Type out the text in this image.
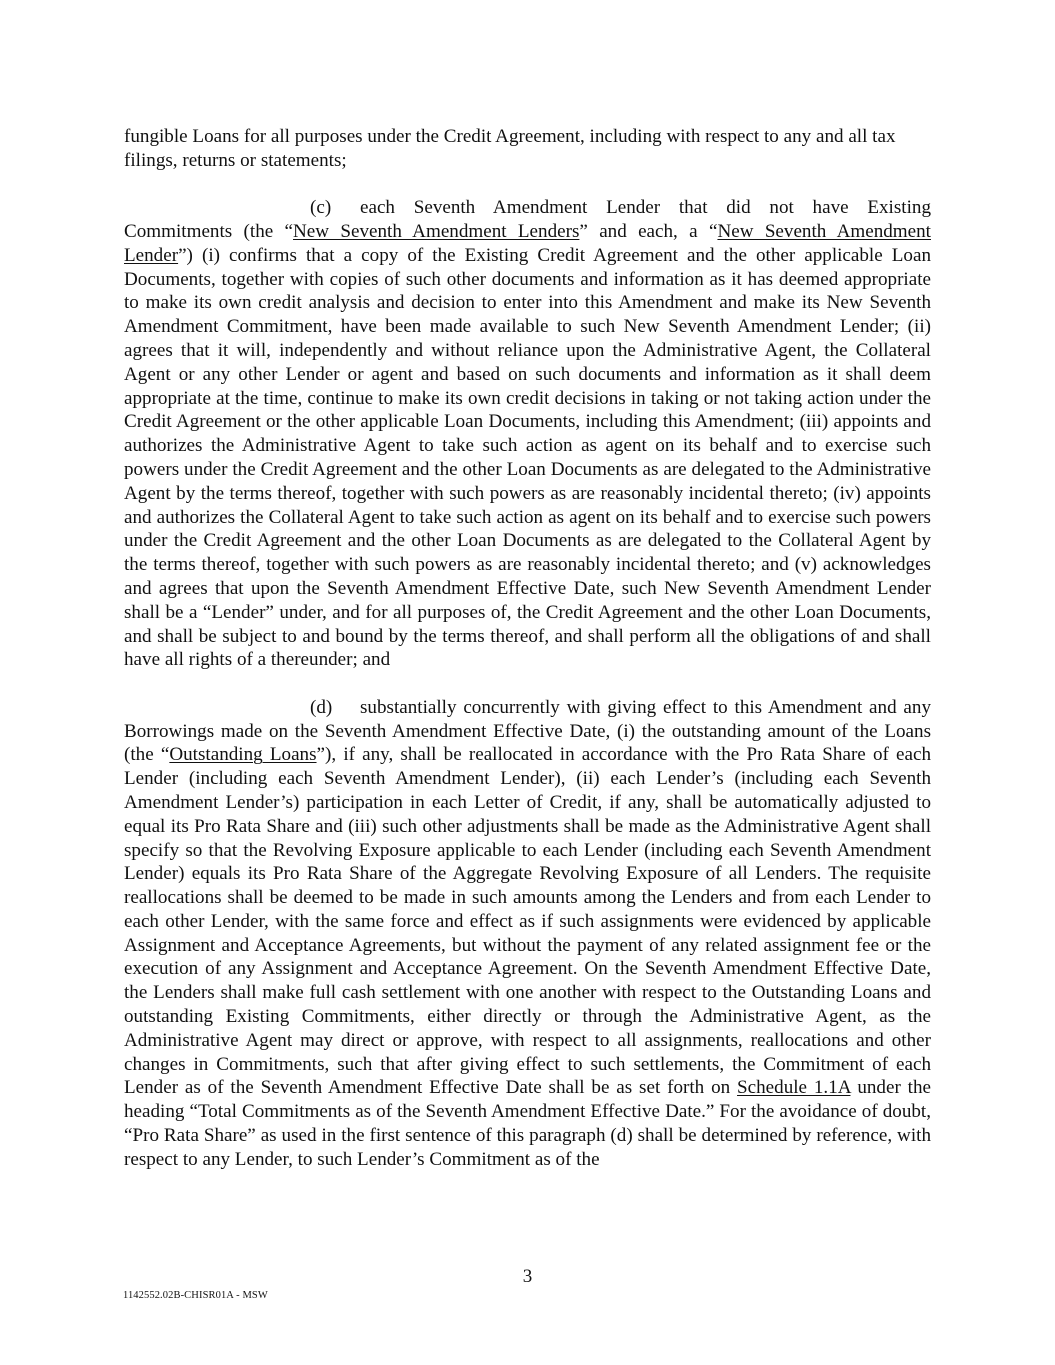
fungible Loans for all purposes under the Credit Agreement, including with respect to any and all tax filings, returns or statements;

(c) each Seventh Amendment Lender that did not have Existing Commitments (the “New Seventh Amendment Lenders” and each, a “New Seventh Amendment Lender”) (i) confirms that a copy of the Existing Credit Agreement and the other applicable Loan Documents, together with copies of such other documents and information as it has deemed appropriate to make its own credit analysis and decision to enter into this Amendment and make its New Seventh Amendment Commitment, have been made available to such New Seventh Amendment Lender; (ii) agrees that it will, independently and without reliance upon the Administrative Agent, the Collateral Agent or any other Lender or agent and based on such documents and information as it shall deem appropriate at the time, continue to make its own credit decisions in taking or not taking action under the Credit Agreement or the other applicable Loan Documents, including this Amendment; (iii) appoints and authorizes the Administrative Agent to take such action as agent on its behalf and to exercise such powers under the Credit Agreement and the other Loan Documents as are delegated to the Administrative Agent by the terms thereof, together with such powers as are reasonably incidental thereto; (iv) appoints and authorizes the Collateral Agent to take such action as agent on its behalf and to exercise such powers under the Credit Agreement and the other Loan Documents as are delegated to the Collateral Agent by the terms thereof, together with such powers as are reasonably incidental thereto; and (v) acknowledges and agrees that upon the Seventh Amendment Effective Date, such New Seventh Amendment Lender shall be a “Lender” under, and for all purposes of, the Credit Agreement and the other Loan Documents, and shall be subject to and bound by the terms thereof, and shall perform all the obligations of and shall have all rights of a thereunder; and

(d) substantially concurrently with giving effect to this Amendment and any Borrowings made on the Seventh Amendment Effective Date, (i) the outstanding amount of the Loans (the “Outstanding Loans”), if any, shall be reallocated in accordance with the Pro Rata Share of each Lender (including each Seventh Amendment Lender), (ii) each Lender’s (including each Seventh Amendment Lender’s) participation in each Letter of Credit, if any, shall be automatically adjusted to equal its Pro Rata Share and (iii) such other adjustments shall be made as the Administrative Agent shall specify so that the Revolving Exposure applicable to each Lender (including each Seventh Amendment Lender) equals its Pro Rata Share of the Aggregate Revolving Exposure of all Lenders. The requisite reallocations shall be deemed to be made in such amounts among the Lenders and from each Lender to each other Lender, with the same force and effect as if such assignments were evidenced by applicable Assignment and Acceptance Agreements, but without the payment of any related assignment fee or the execution of any Assignment and Acceptance Agreement. On the Seventh Amendment Effective Date, the Lenders shall make full cash settlement with one another with respect to the Outstanding Loans and outstanding Existing Commitments, either directly or through the Administrative Agent, as the Administrative Agent may direct or approve, with respect to all assignments, reallocations and other changes in Commitments, such that after giving effect to such settlements, the Commitment of each Lender as of the Seventh Amendment Effective Date shall be as set forth on Schedule 1.1A under the heading “Total Commitments as of the Seventh Amendment Effective Date.” For the avoidance of doubt, “Pro Rata Share” as used in the first sentence of this paragraph (d) shall be determined by reference, with respect to any Lender, to such Lender’s Commitment as of the

3
1142552.02B-CHISR01A - MSW
